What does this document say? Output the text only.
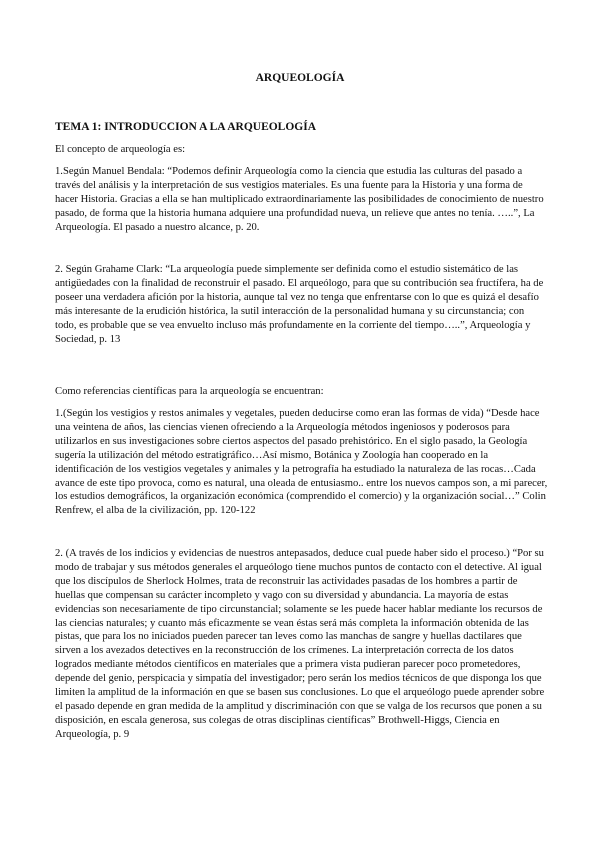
ARQUEOLOGÍA
TEMA 1: INTRODUCCION A LA ARQUEOLOGÍA

El concepto de arqueología es:

1.Según Manuel Bendala: “Podemos definir Arqueología como la ciencia que estudia las culturas del pasado a través del análisis y la interpretación de sus vestigios materiales. Es una fuente para la Historia y una forma de hacer Historia. Gracias a ella se han multiplicado extraordinariamente las posibilidades de conocimiento de nuestro pasado, de forma que la historia humana adquiere una profundidad nueva, un relieve que antes no tenía. …..”, La Arqueología. El pasado a nuestro alcance, p. 20.

2. Según Grahame Clark: “La arqueología puede simplemente ser definida como el estudio sistemático de las antigüedades con la finalidad de reconstruir el pasado. El arqueólogo, para que su contribución sea fructífera, ha de poseer una verdadera afición por la historia, aunque tal vez no tenga que enfrentarse con lo que es quizá el desafío más interesante de la erudición histórica, la sutil interacción de la personalidad humana y su circunstancia; con todo, es probable que se vea envuelto incluso más profundamente en la corriente del tiempo…..”, Arqueología y Sociedad, p. 13

Como referencias científicas para la arqueología se encuentran:

1.(Según los vestigios y restos animales y vegetales, pueden deducirse como eran las formas de vida) “Desde hace una veintena de años, las ciencias vienen ofreciendo a la Arqueología métodos ingeniosos y poderosos para utilizarlos en sus investigaciones sobre ciertos aspectos del pasado prehistórico. En el siglo pasado, la Geología sugería la utilización del método estratigráfico…Así mismo, Botánica y Zoología han cooperado en la identificación de los vestigios vegetales y animales y la petrografía ha estudiado la naturaleza de las rocas…Cada avance de este tipo provoca, como es natural, una oleada de entusiasmo.. entre los nuevos campos son, a mi parecer, los estudios demográficos, la organización económica (comprendido el comercio) y la organización social…” Colin Renfrew, el alba de la civilización, pp. 120-122

2. (A través de los indicios y evidencias de nuestros antepasados, deduce cual puede haber sido el proceso.) “Por su modo de trabajar y sus métodos generales el arqueólogo tiene muchos puntos de contacto con el detective. Al igual que los discípulos de Sherlock Holmes, trata de reconstruir las actividades pasadas de los hombres a partir de huellas que compensan su carácter incompleto y vago con su diversidad y abundancia. La mayoría de estas evidencias son necesariamente de tipo circunstancial; solamente se les puede hacer hablar mediante los recursos de las ciencias naturales; y cuanto más eficazmente se vean éstas será más completa la información obtenida de las pistas, que para los no iniciados pueden parecer tan leves como las manchas de sangre y huellas dactilares que sirven a los avezados detectives en la reconstrucción de los crímenes. La interpretación correcta de los datos logrados mediante métodos científicos en materiales que a primera vista pudieran parecer poco prometedores, depende del genio, perspicacia y simpatía del investigador; pero serán los medios técnicos de que disponga los que limiten la amplitud de la información en que se basen sus conclusiones. Lo que el arqueólogo puede aprender sobre el pasado depende en gran medida de la amplitud y discriminación con que se valga de los recursos que ponen a su disposición, en escala generosa, sus colegas de otras disciplinas científicas” Brothwell-Higgs, Ciencia en Arqueología, p. 9
